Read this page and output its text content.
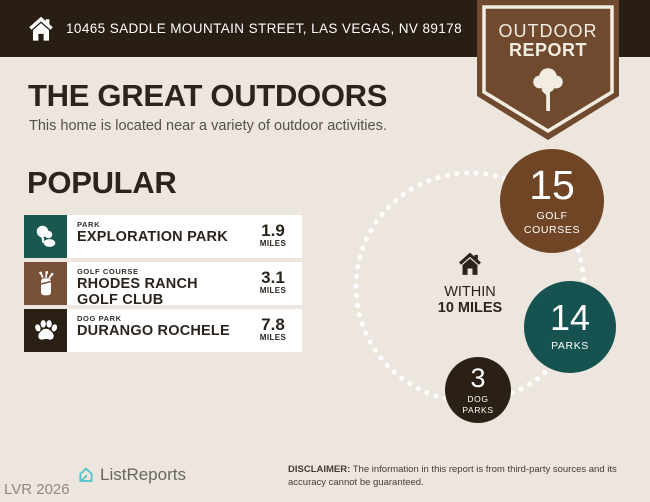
10465 SADDLE MOUNTAIN STREET, LAS VEGAS, NV 89178	OUTDOOR
REPORT
THE GREAT OUTDOORS
This home is located near a variety of outdoor activities.
POPULAR
PARK
EXPLORATION PARK	1.9
MILES
GOLF COURSE
RHODES RANCH GOLF CLUB
3.1
MILES
DOG PARK
DURANGO ROCHELE	7.8
MILES
WITHIN
10 MILES
15
GOLF
COURSES
14
PARKS
3
DOG
PARKS
ListReports
LVR 2026
DISCLAIMER: The information in this report is from third-party sources and its accuracy cannot be guaranteed.
